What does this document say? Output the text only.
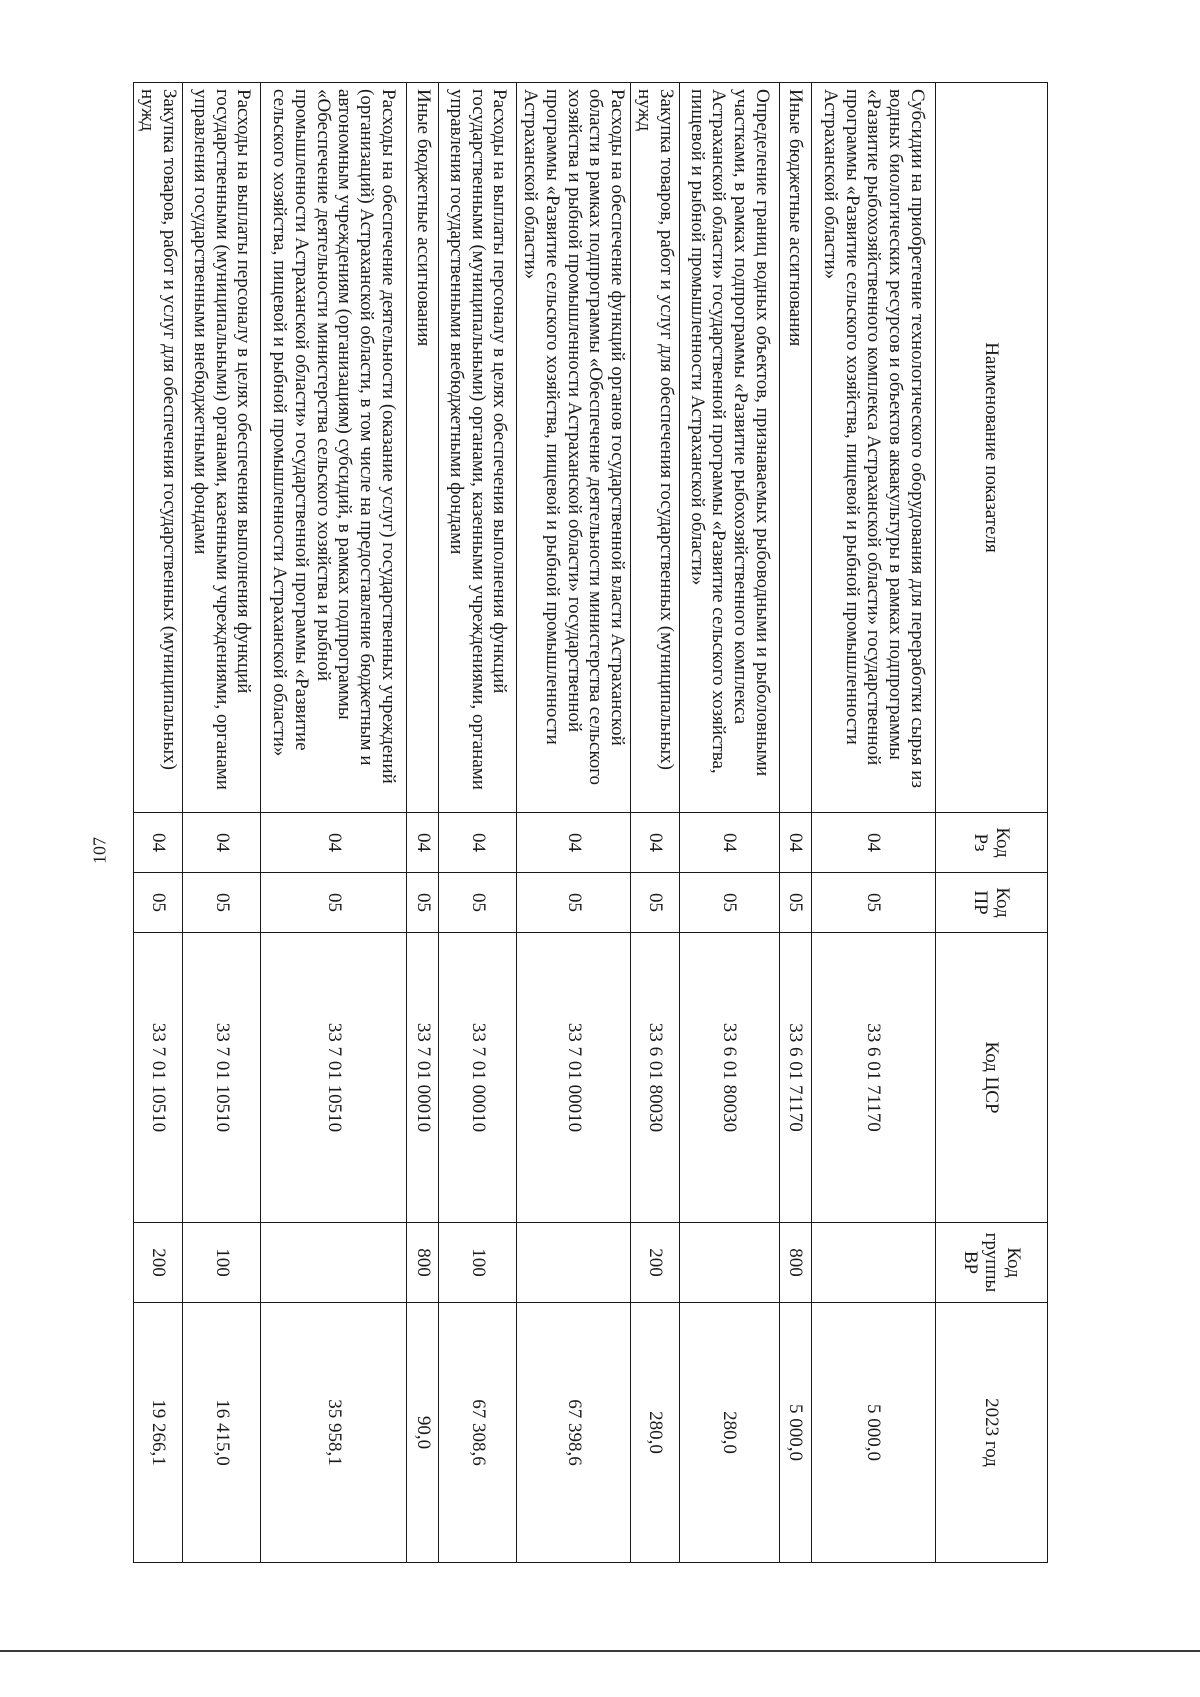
107
Наименование показателя	Код Рз	Код ПР	Код ЦСР	Код группы ВР	2023 год
Субсидии на приобретение технологического оборудования для переработки сырья из водных биологических ресурсов и объектов аквакультуры в рамках подпрограммы «Развитие рыбохозяйственного комплекса Астраханской области» государственной программы «Развитие сельского хозяйства, пищевой и рыбной промышленности Астраханской области»	04	05	33 6 01 71170		5 000,0
Иные бюджетные ассигнования	04	05	33 6 01 71170	800	5 000,0
Определение границ водных объектов, признаваемых рыбоводными и рыболовными участками, в рамках подпрограммы «Развитие рыбохозяйственного комплекса Астраханской области» государственной программы «Развитие сельского хозяйства, пищевой и рыбной промышленности Астраханской области»	04	05	33 6 01 80030		280,0
Закупка товаров, работ и услуг для обеспечения государственных (муниципальных) нужд	04	05	33 6 01 80030	200	280,0
Расходы на обеспечение функций органов государственной власти Астраханской области в рамках подпрограммы «Обеспечение деятельности министерства сельского хозяйства и рыбной промышленности Астраханской области» государственной программы «Развитие сельского хозяйства, пищевой и рыбной промышленности Астраханской области»	04	05	33 7 01 00010		67 398,6
Расходы на выплаты персоналу в целях обеспечения выполнения функций государственными (муниципальными) органами, казенными учреждениями, органами управления государственными внебюджетными фондами	04	05	33 7 01 00010	100	67 308,6
Иные бюджетные ассигнования	04	05	33 7 01 00010	800	90,0
Расходы на обеспечение деятельности (оказание услуг) государственных учреждений (организаций) Астраханской области, в том числе на предоставление бюджетным и автономным учреждениям (организациям) субсидий, в рамках подпрограммы «Обеспечение деятельности министерства сельского хозяйства и рыбной промышленности Астраханской области» государственной программы «Развитие сельского хозяйства, пищевой и рыбной промышленности Астраханской области»	04	05	33 7 01 10510		35 958,1
Расходы на выплаты персоналу в целях обеспечения выполнения функций государственными (муниципальными) органами, казенными учреждениями, органами управления государственными внебюджетными фондами	04	05	33 7 01 10510	100	16 415,0
Закупка товаров, работ и услуг для обеспечения государственных (муниципальных) нужд	04	05	33 7 01 10510	200	19 266,1
